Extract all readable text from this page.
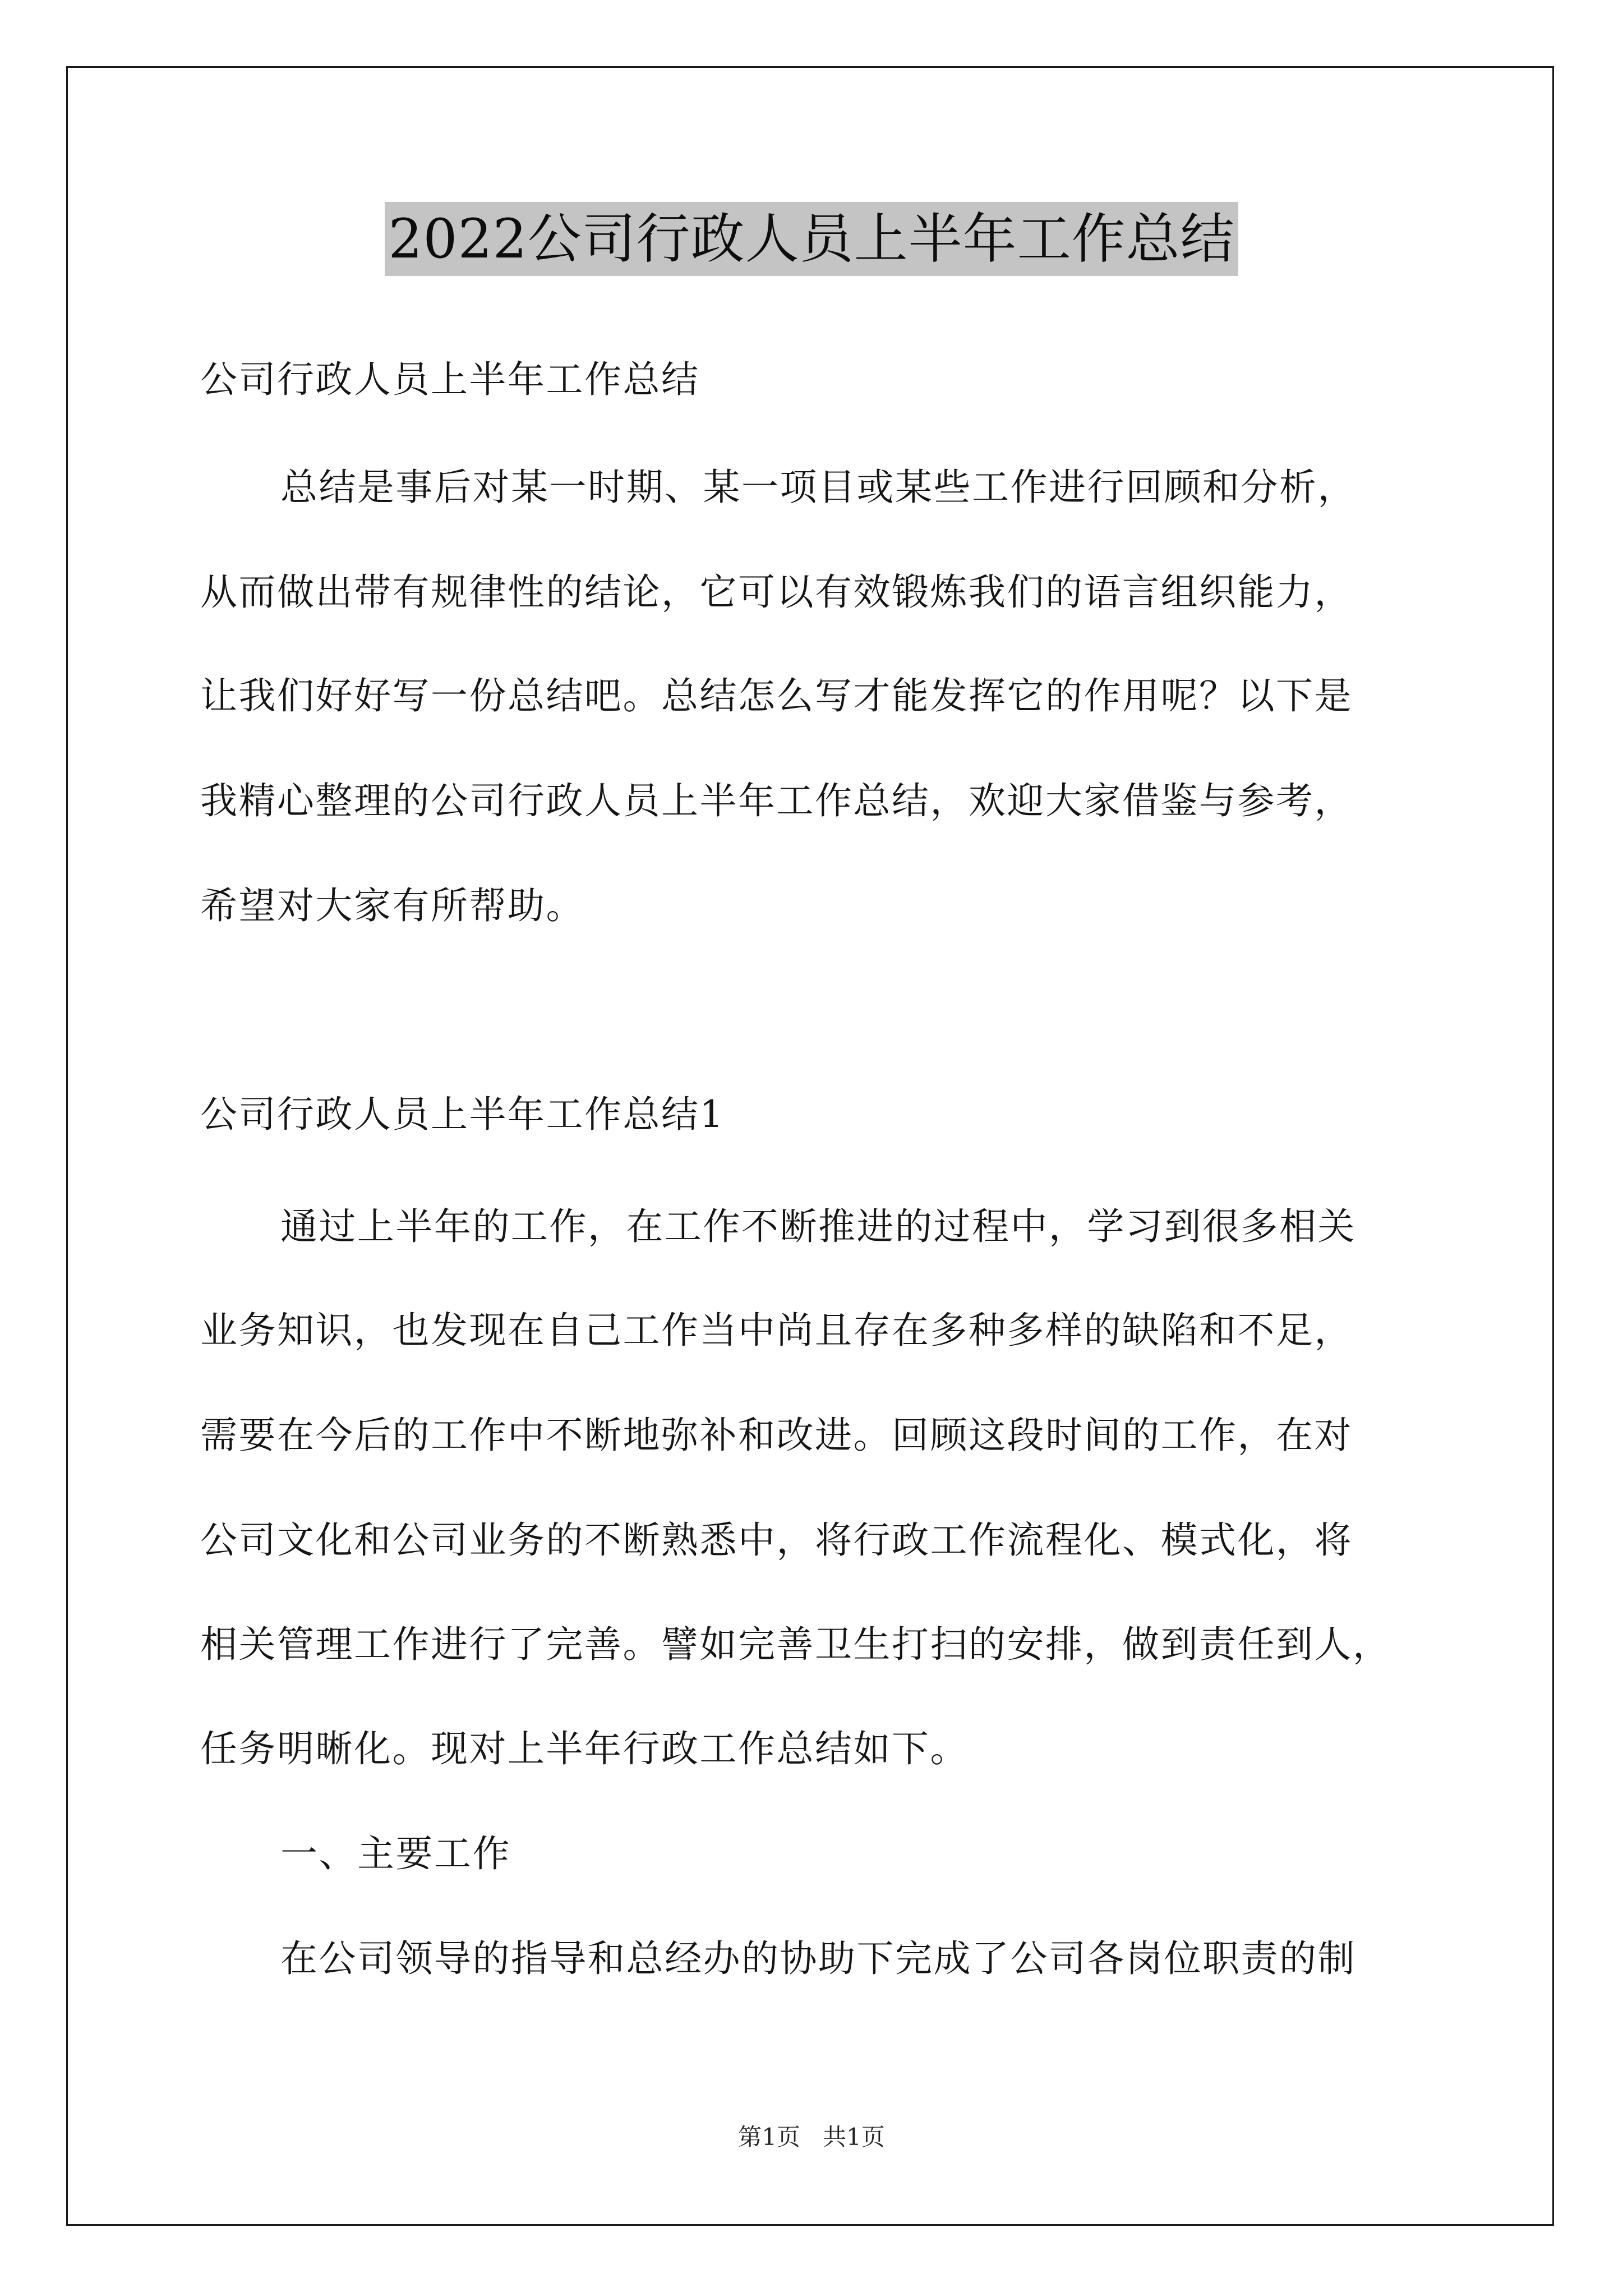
2022公司行政人员上半年工作总结
公司行政人员上半年工作总结
总结是事后对某一时期、某一项目或某些工作进行回顾和分析，
从而做出带有规律性的结论，它可以有效锻炼我们的语言组织能力，
让我们好好写一份总结吧。总结怎么写才能发挥它的作用呢？以下是
我精心整理的公司行政人员上半年工作总结，欢迎大家借鉴与参考，
希望对大家有所帮助。
公司行政人员上半年工作总结1
通过上半年的工作，在工作不断推进的过程中，学习到很多相关
业务知识，也发现在自己工作当中尚且存在多种多样的缺陷和不足，
需要在今后的工作中不断地弥补和改进。回顾这段时间的工作，在对
公司文化和公司业务的不断熟悉中，将行政工作流程化、模式化，将
相关管理工作进行了完善。譬如完善卫生打扫的安排，做到责任到人，
任务明晰化。现对上半年行政工作总结如下。
一、主要工作
在公司领导的指导和总经办的协助下完成了公司各岗位职责的制
第1页   共1页
